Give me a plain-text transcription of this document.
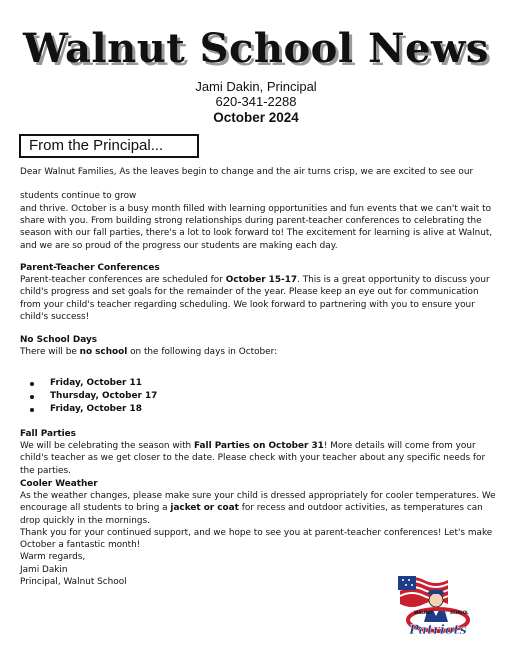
Walnut School News
Jami Dakin, Principal
620-341-2288
October 2024
From the Principal...

Dear Walnut Families, As the leaves begin to change and the air turns crisp, we are excited to see our

students continue to grow

and thrive. October is a busy month filled with learning opportunities and fun events that we can't wait to share with you. From building strong relationships during parent-teacher conferences to celebrating the season with our fall parties, there's a lot to look forward to! The excitement for learning is alive at Walnut, and we are so proud of the progress our students are making each day.

Parent-Teacher Conferences

Parent-teacher conferences are scheduled for October 15-17. This is a great opportunity to discuss your child's progress and set goals for the remainder of the year. Please keep an eye out for communication from your child's teacher regarding scheduling. We look forward to partnering with you to ensure your child's success!

No School Days

There will be no school on the following days in October:

Friday, October 11
Thursday, October 17
Friday, October 18

Fall Parties

We will be celebrating the season with Fall Parties on October 31! More details will come from your child's teacher as we get closer to the date. Please check with your teacher about any specific needs for the parties.

Cooler Weather

As the weather changes, please make sure your child is dressed appropriately for cooler temperatures. We encourage all students to bring a jacket or coat for recess and outdoor activities, as temperatures can drop quickly in the mornings.

Thank you for your continued support, and we hope to see you at parent-teacher conferences! Let's make October a fantastic month!

Warm regards,

Jami Dakin

Principal, Walnut School

WALNUT	SCHOOL
Patriots
